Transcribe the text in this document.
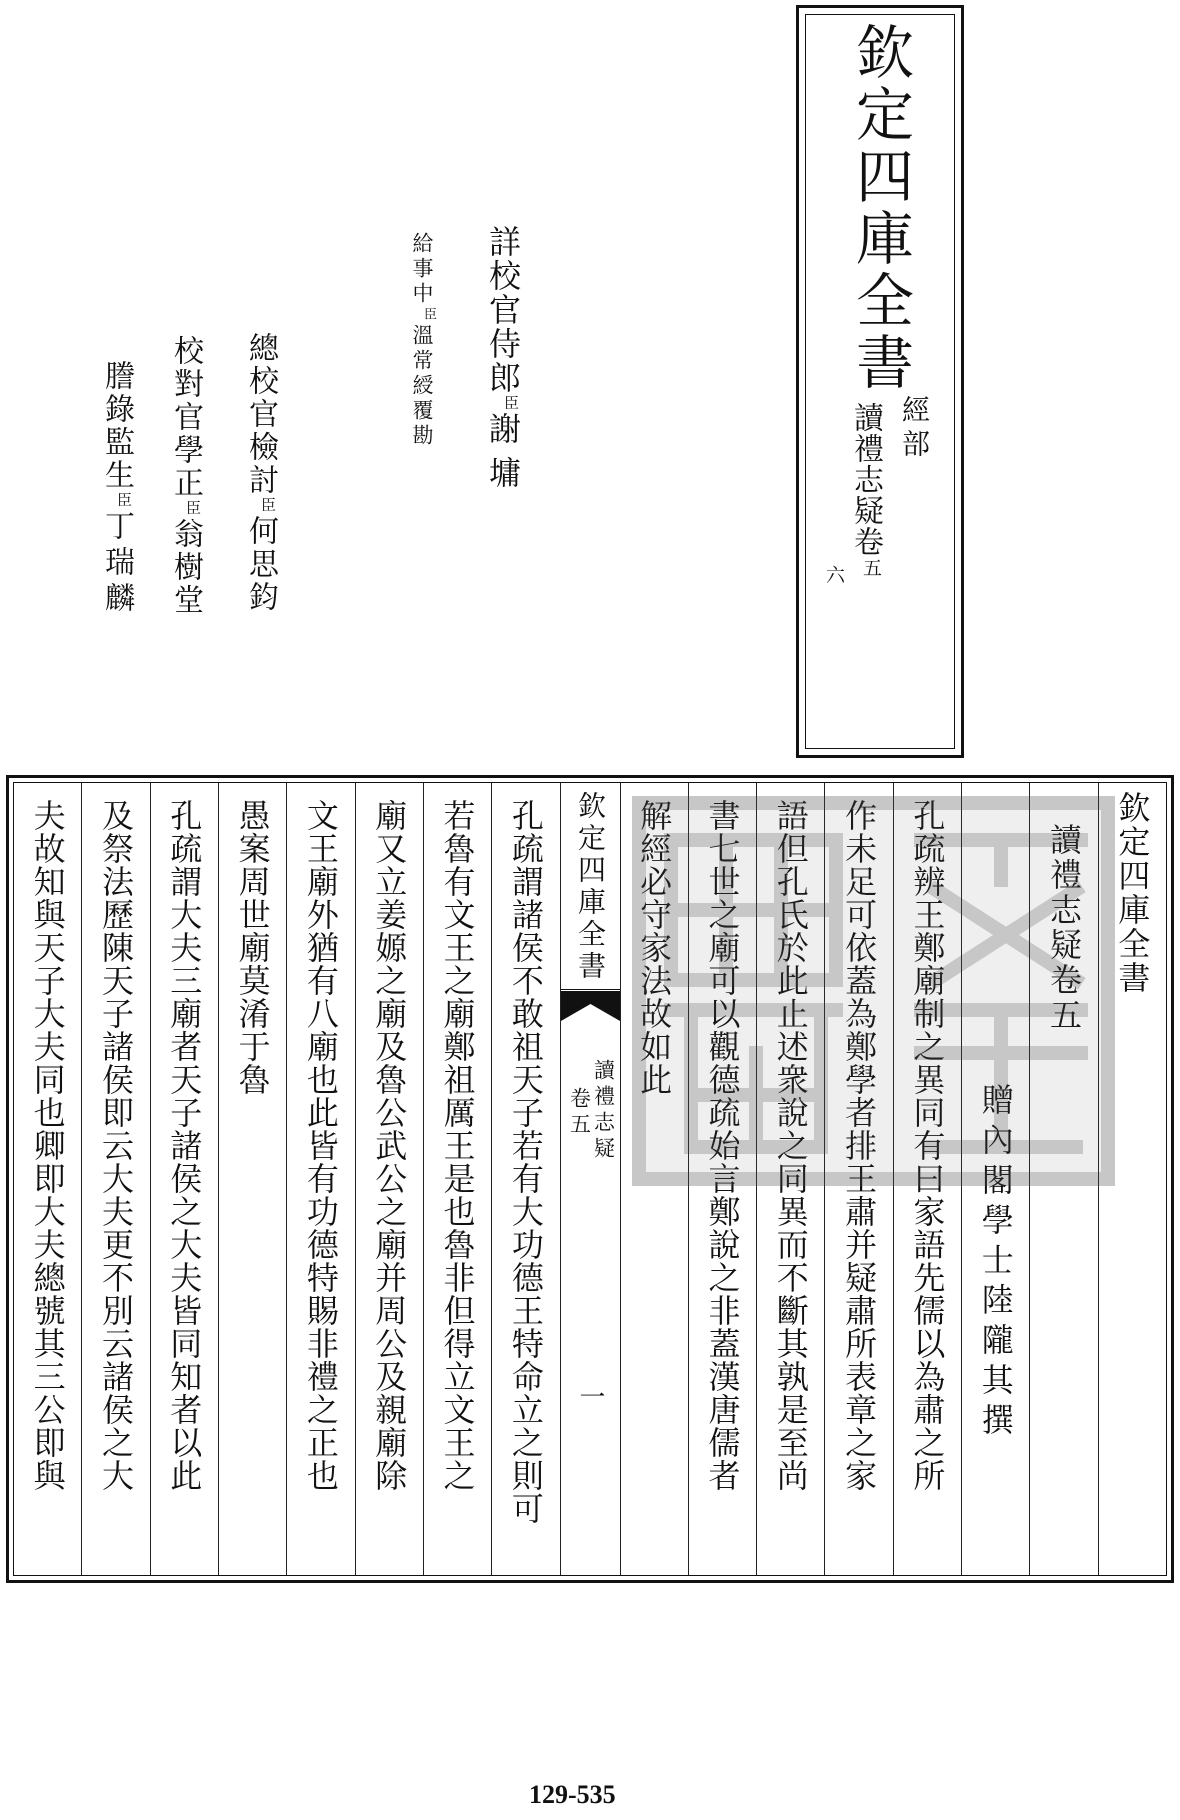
欽定四庫全書
經部
讀禮志疑卷
五
六
詳校官侍郎臣謝墉
給事中臣溫常綬覆勘
總校官檢討臣何思鈞
校對官學正臣翁樹堂
謄錄監生臣丁瑞麟
欽定四庫全書
讀禮志疑卷五
贈內閣學士陸隴其撰
孔疏辨王鄭廟制之異同有曰家語先儒以為肅之所
作未足可依蓋為鄭學者排王肅并疑肅所表章之家
語但孔氏於此止述衆說之同異而不斷其孰是至尚
書七世之廟可以觀德疏始言鄭說之非蓋漢唐儒者
解經必守家法故如此
欽定四庫全書
讀禮志疑
卷五
一
孔疏謂諸侯不敢祖天子若有大功德王特命立之則可
若魯有文王之廟鄭祖厲王是也魯非但得立文王之
廟又立姜嫄之廟及魯公武公之廟并周公及親廟除
文王廟外猶有八廟也此皆有功德特賜非禮之正也
愚案周世廟莫淆于魯
孔疏謂大夫三廟者天子諸侯之大夫皆同知者以此
及祭法歷陳天子諸侯即云大夫更不別云諸侯之大
夫故知與天子大夫同也卿即大夫總號其三公即與
129-535
